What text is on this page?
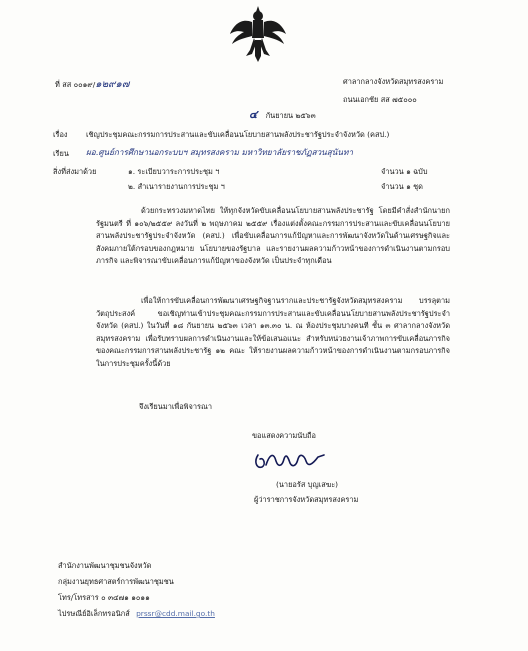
ที่ สส ๐๐๑๙/๑๒๙๑๗	ศาลากลางจังหวัดสมุทรสงคราม
ถนนเอกชัย สส ๗๕๐๐๐
๔ กันยายน ๒๕๖๓
เรื่อง เชิญประชุมคณะกรรมการประสานและขับเคลื่อนนโยบายสานพลังประชารัฐประจำจังหวัด (คสป.)
เรียน ผอ.ศูนย์การศึกษานอกระบบฯ สมุทรสงคราม มหาวิทยาลัยราชภัฏสวนสุนันทา
สิ่งที่ส่งมาด้วย	๑. ระเบียบวาระการประชุม ฯ	จำนวน ๑ ฉบับ
๒. สำเนารายงานการประชุม ฯ	จำนวน ๑ ชุด
ด้วยกระทรวงมหาดไทย ให้ทุกจังหวัดขับเคลื่อนนโยบายสานพลังประชารัฐ โดยมีคำสั่งสำนักนายกรัฐมนตรี ที่ ๑๐๖/๒๕๕๙ ลงวันที่ ๒ พฤษภาคม ๒๕๕๙ เรื่องแต่งตั้งคณะกรรมการประสานและขับเคลื่อนนโยบายสานพลังประชารัฐประจำจังหวัด (คสป.) เพื่อขับเคลื่อนการแก้ปัญหาและการพัฒนาจังหวัดในด้านเศรษฐกิจและสังคมภายใต้กรอบของกฎหมาย นโยบายของรัฐบาล และรายงานผลความก้าวหน้าของการดำเนินงานตามกรอบภารกิจ และพิจารณาขับเคลื่อนการแก้ปัญหาของจังหวัด เป็นประจำทุกเดือน
เพื่อให้การขับเคลื่อนการพัฒนาเศรษฐกิจฐานรากและประชารัฐจังหวัดสมุทรสงคราม บรรลุตามวัตถุประสงค์ ขอเชิญท่านเข้าประชุมคณะกรรมการประสานและขับเคลื่อนนโยบายสานพลังประชารัฐประจำจังหวัด (คสป.) ในวันที่ ๑๘ กันยายน ๒๕๖๓ เวลา ๑๓.๓๐ น. ณ ห้องประชุมบางคนที ชั้น ๓ ศาลากลางจังหวัดสมุทรสงคราม เพื่อรับทราบผลการดำเนินงานและให้ข้อเสนอแนะ สำหรับหน่วยงานเจ้าภาพการขับเคลื่อนภารกิจของคณะกรรมการสานพลังประชารัฐ ๑๒ คณะ ให้รายงานผลความก้าวหน้าของการดำเนินงานตามกรอบภารกิจ ในการประชุมครั้งนี้ด้วย
จึงเรียนมาเพื่อพิจารณา
ขอแสดงความนับถือ
(นายอรัส บุญเสฆะ)
ผู้ว่าราชการจังหวัดสมุทรสงคราม
สำนักงานพัฒนาชุมชนจังหวัด
กลุ่มงานยุทธศาสตร์การพัฒนาชุมชน
โทร/โทรสาร ๐ ๓๔๗๑ ๑๐๑๑
ไปรษณีย์อิเล็กทรอนิกส์ prssr@cdd.mail.go.th
